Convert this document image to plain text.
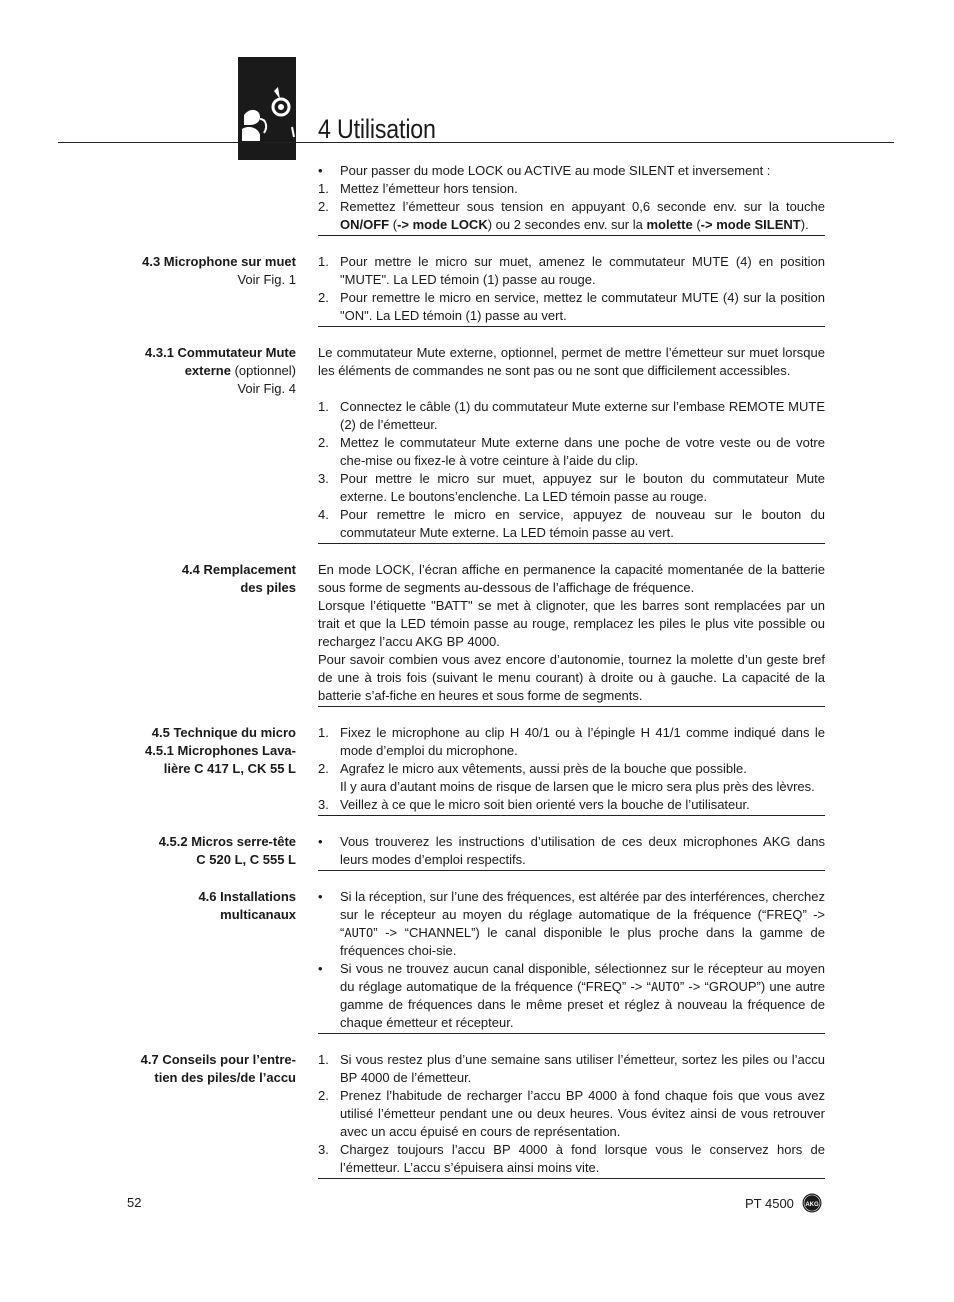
4 Utilisation
•	Pour passer du mode LOCK ou ACTIVE au mode SILENT et inversement :
1. Mettez l’émetteur hors tension.
2. Remettez l’émetteur sous tension en appuyant 0,6 seconde env. sur la touche ON/OFF (-> mode LOCK) ou 2 secondes env. sur la molette (-> mode SILENT).
4.3 Microphone sur muet
Voir Fig. 1
1. Pour mettre le micro sur muet, amenez le commutateur MUTE (4) en position "MUTE". La LED témoin (1) passe au rouge.
2. Pour remettre le micro en service, mettez le commutateur MUTE (4) sur la position "ON". La LED témoin (1) passe au vert.
4.3.1 Commutateur Mute
externe (optionnel)
Voir Fig. 4

Le commutateur Mute externe, optionnel, permet de mettre l’émetteur sur muet lorsque les éléments de commandes ne sont pas ou ne sont que difficilement accessibles.

1. Connectez le câble (1) du commutateur Mute externe sur l’embase REMOTE MUTE (2) de l’émetteur.
2. Mettez le commutateur Mute externe dans une poche de votre veste ou de votre che-mise ou fixez-le à votre ceinture à l’aide du clip.
3. Pour mettre le micro sur muet, appuyez sur le bouton du commutateur Mute externe. Le boutons’enclenche. La LED témoin passe au rouge.
4. Pour remettre le micro en service, appuyez de nouveau sur le bouton du commutateur Mute externe. La LED témoin passe au vert.
4.4 Remplacement
des piles

En mode LOCK, l’écran affiche en permanence la capacité momentanée de la batterie sous forme de segments au-dessous de l’affichage de fréquence.

Lorsque l’étiquette "BATT" se met à clignoter, que les barres sont remplacées par un trait et que la LED témoin passe au rouge, remplacez les piles le plus vite possible ou rechargez l’accu AKG BP 4000.

Pour savoir combien vous avez encore d’autonomie, tournez la molette d’un geste bref de une à trois fois (suivant le menu courant) à droite ou à gauche. La capacité de la batterie s’af-fiche en heures et sous forme de segments.

4.5 Technique du micro
4.5.1 Microphones Lava-
lière C 417 L, CK 55 L
1. Fixez le microphone au clip H 40/1 ou à l’épingle H 41/1 comme indiqué dans le mode d’emploi du microphone.
2. Agrafez le micro aux vêtements, aussi près de la bouche que possible.
Il y aura d’autant moins de risque de larsen que le micro sera plus près des lèvres.
3. Veillez à ce que le micro soit bien orienté vers la bouche de l’utilisateur.
4.5.2 Micros serre-tête
C 520 L, C 555 L
•	Vous trouverez les instructions d’utilisation de ces deux microphones AKG dans leurs modes d’emploi respectifs.
4.6 Installations
multicanaux
•	Si la réception, sur l’une des fréquences, est altérée par des interférences, cherchez sur le récepteur au moyen du réglage automatique de la fréquence (“FREQ” -> “AUTO” -> “CHANNEL”) le canal disponible le plus proche dans la gamme de fréquences choi-sie.
•	Si vous ne trouvez aucun canal disponible, sélectionnez sur le récepteur au moyen du réglage automatique de la fréquence (“FREQ” -> “AUTO” -> “GROUP”) une autre gamme de fréquences dans le même preset et réglez à nouveau la fréquence de chaque émetteur et récepteur.
4.7 Conseils pour l’entre-
tien des piles/de l’accu
1. Si vous restez plus d’une semaine sans utiliser l’émetteur, sortez les piles ou l’accu BP 4000 de l’émetteur.
2. Prenez l’habitude de recharger l’accu BP 4000 à fond chaque fois que vous avez utilisé l’émetteur pendant une ou deux heures. Vous évitez ainsi de vous retrouver avec un accu épuisé en cours de représentation.
3. Chargez toujours l’accu BP 4000 à fond lorsque vous le conservez hors de l’émetteur. L’accu s’épuisera ainsi moins vite.
52	PT 4500 AKG
